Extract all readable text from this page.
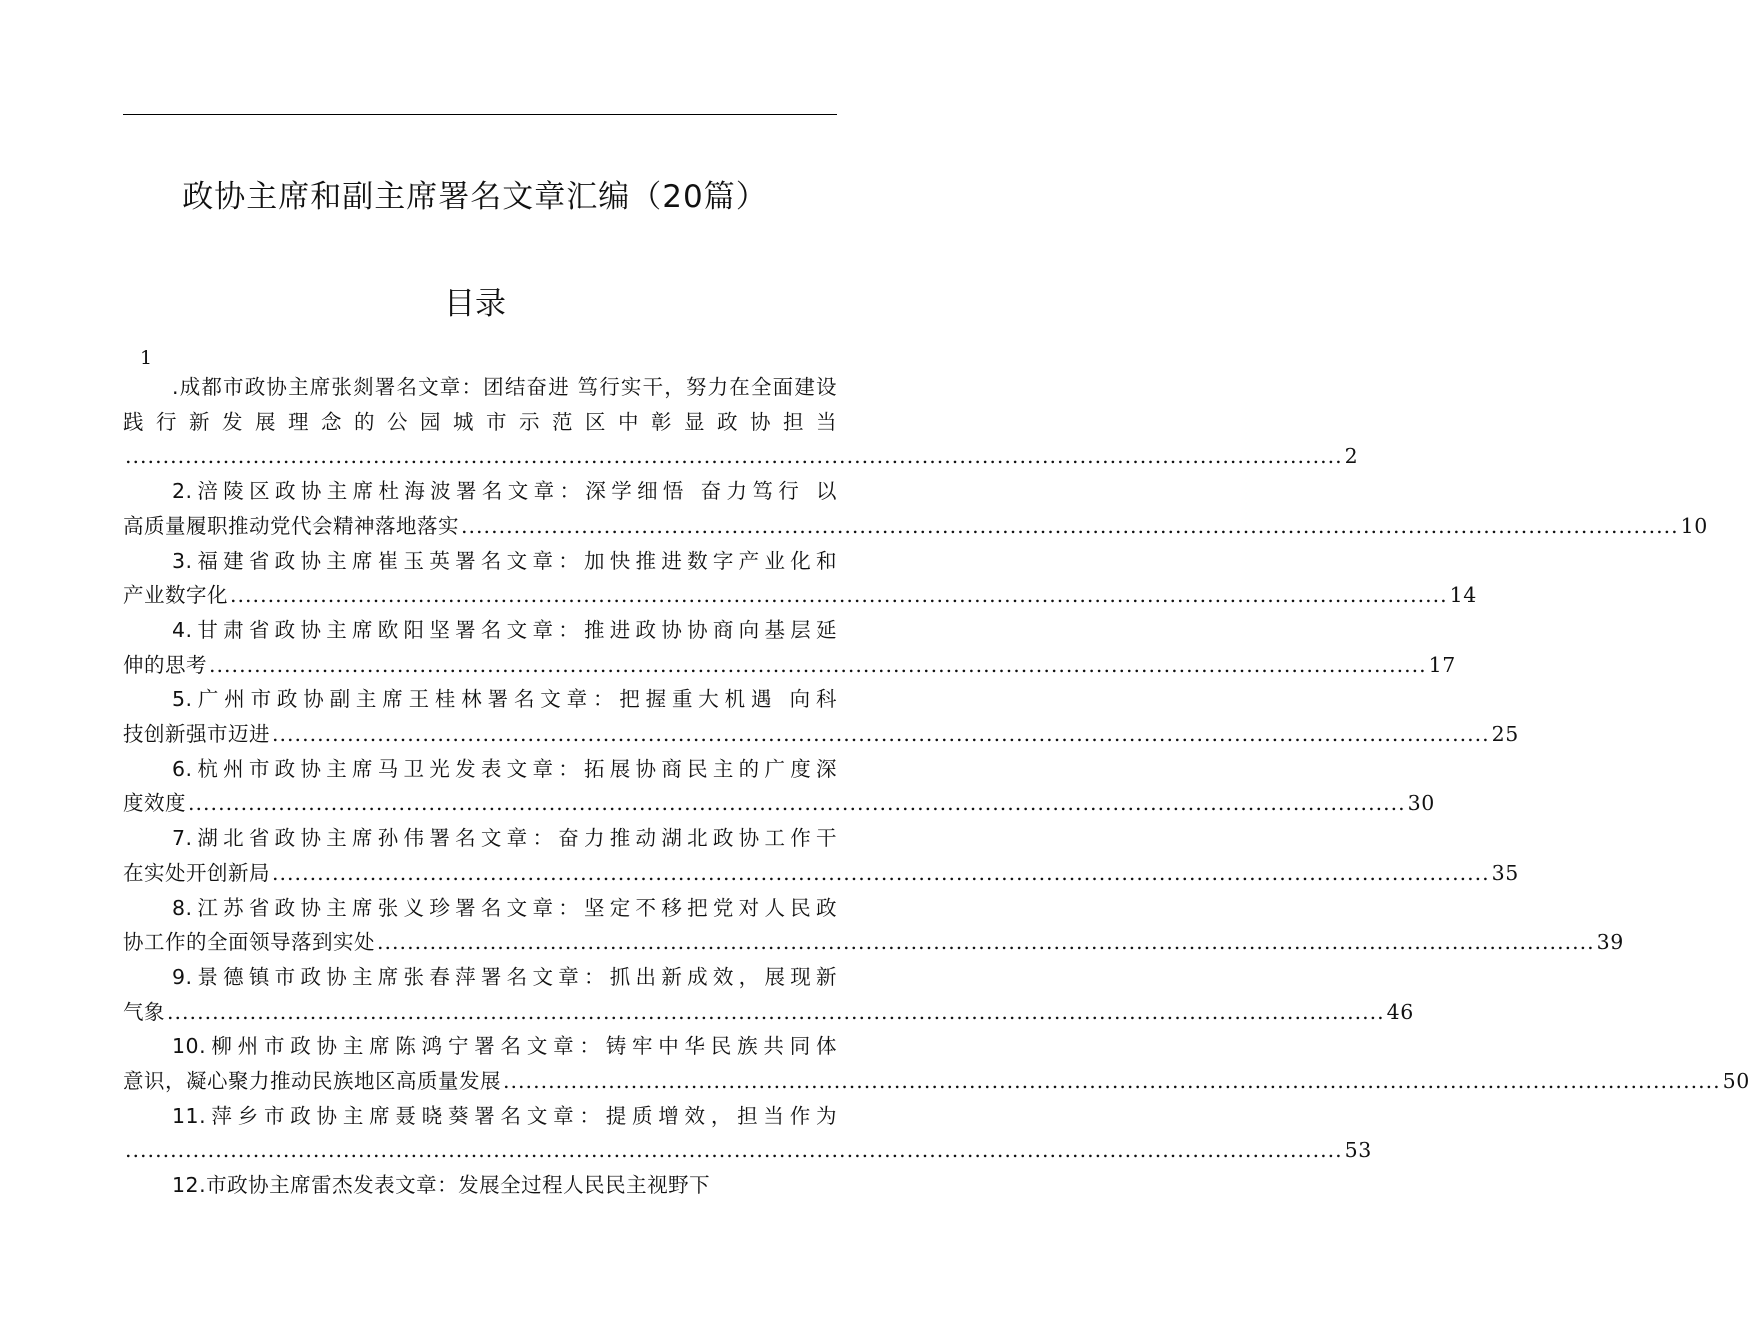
政协主席和副主席署名文章汇编（20篇）
目录
1

.成都市政协主席张剡署名文章：团结奋进 笃行实干，努力在全面建设践行新发展理念的公园城市示范区中彰显政协担当

.................................................................................................................................................................. 2

2.涪陵区政协主席杜海波署名文章：深学细悟 奋力笃行 以

高质量履职推动党代会精神落地落实 .................................................................................................................................................................. 10

3.福建省政协主席崔玉英署名文章：加快推进数字产业化和

产业数字化 .................................................................................................................................................................. 14

4.甘肃省政协主席欧阳坚署名文章：推进政协协商向基层延

伸的思考 .................................................................................................................................................................. 17

5.广州市政协副主席王桂林署名文章：把握重大机遇 向科

技创新强市迈进 .................................................................................................................................................................. 25

6.杭州市政协主席马卫光发表文章：拓展协商民主的广度深

度效度 .................................................................................................................................................................. 30

7.湖北省政协主席孙伟署名文章：奋力推动湖北政协工作干

在实处开创新局 .................................................................................................................................................................. 35

8.江苏省政协主席张义珍署名文章：坚定不移把党对人民政

协工作的全面领导落到实处 .................................................................................................................................................................. 39

9.景德镇市政协主席张春萍署名文章：抓出新成效，展现新

气象 .................................................................................................................................................................. 46

10.柳州市政协主席陈鸿宁署名文章：铸牢中华民族共同体

意识，凝心聚力推动民族地区高质量发展 .................................................................................................................................................................. 50

11.萍乡市政协主席聂晓葵署名文章：提质增效，担当作为

.................................................................................................................................................................. 53

12.市政协主席雷杰发表文章：发展全过程人民民主视野下
